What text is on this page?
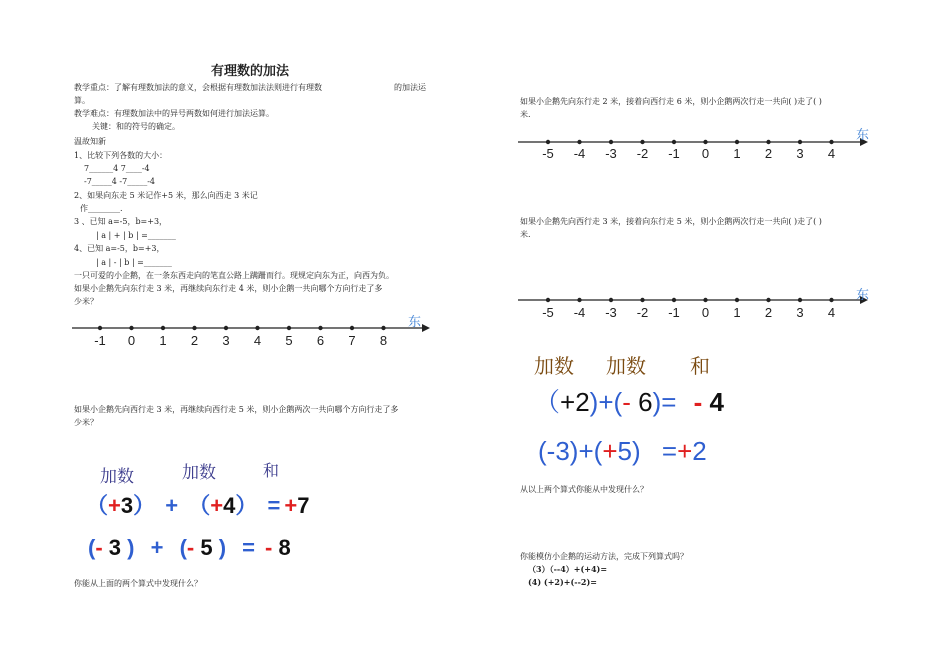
有理数的加法
教学重点：了解有理数加法的意义，会根据有理数加法法则进行有理数	的加法运
算。
教学难点：有理数加法中的异号两数如何进行加法运算。
关键：和的符号的确定。
温故知新
1、比较下列各数的大小：
7______4 7____-4
-7_____4 -7_____-4
2、如果向东走 5 米记作+5 米，那么向西走 3 米记
作________.
3 、已知 a=-5，b=+3，
| a | + | b | =_______
4、已知 a=-5，b=+3，
| a | - | b | =_______
一只可爱的小企鹅，在一条东西走向的笔直公路上蹒跚而行。现规定向东为正，向西为负。
如果小企鹅先向东行走 3 米，再继续向东行走 4 米，则小企鹅一共向哪个方向行走了多
少米？
东
-1 0 1 2 3 4 5 6 7 8
如果小企鹅先向西行走 3 米，再继续向西行走 5 米，则小企鹅两次一共向哪个方向行走了多
少米？
加数	加数	和
（+3） + （+4） = +7
(- 3 ) + (- 5 ) = - 8
你能从上面的两个算式中发现什么？
如果小企鹅先向东行走 2 米，接着向西行走 6 米，则小企鹅两次行走一共向( )走了( )
米.
东
-5 -4 -3 -2 -1 0 1 2 3 4
如果小企鹅先向西行走 3 米，接着向东行走 5 米，则小企鹅两次行走一共向( )走了( )
米.
东
-5 -4 -3 -2 -1 0 1 2 3 4
加数 加数 和
（+2)+(- 6)= - 4
(-3)+(+5) =+2
从以上两个算式你能从中发现什么？
你能模仿小企鹅的运动方法，完成下列算式吗？
（3）（--4）+(+4)=
(4) (+2)+(--2)=
